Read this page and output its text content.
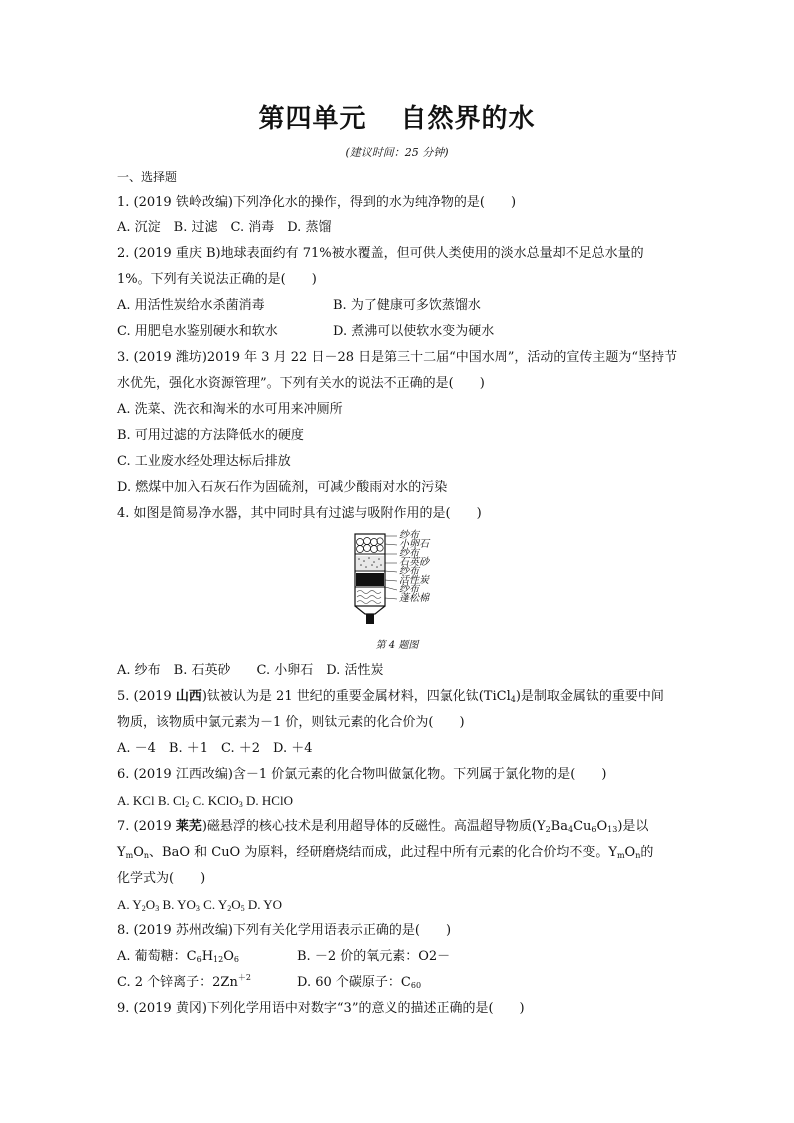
第四单元 自然界的水
(建议时间：25 分钟)
一、选择题
1. (2019 铁岭改编)下列净化水的操作，得到的水为纯净物的是(　　)
A. 沉淀　B. 过滤　C. 消毒　D. 蒸馏
2. (2019 重庆 B)地球表面约有 71%被水覆盖，但可供人类使用的淡水总量却不足总水量的
1%。下列有关说法正确的是(　　)
A. 用活性炭给水杀菌消毒	B. 为了健康可多饮蒸馏水
C. 用肥皂水鉴别硬水和软水	D. 煮沸可以使软水变为硬水
3. (2019 潍坊)2019 年 3 月 22 日－28 日是第三十二届“中国水周”，活动的宣传主题为“坚持节
水优先，强化水资源管理”。下列有关水的说法不正确的是(　　)
A. 洗菜、洗衣和淘米的水可用来冲厕所
B. 可用过滤的方法降低水的硬度
C. 工业废水经处理达标后排放
D. 燃煤中加入石灰石作为固硫剂，可减少酸雨对水的污染
4. 如图是简易净水器，其中同时具有过滤与吸附作用的是(　　)
纱布
小卵石
纱布
石英砂
纱布
活性炭
纱布
蓬松棉
第 4 题图
A. 纱布　B. 石英砂　　C. 小卵石　D. 活性炭
5. (2019 山西)钛被认为是 21 世纪的重要金属材料，四氯化钛(TiCl$_4$)是制取金属钛的重要中间
物质，该物质中氯元素为－1 价，则钛元素的化合价为(　　)
A. －4　B. ＋1　C. ＋2　D. ＋4
6. (2019 江西改编)含－1 价氯元素的化合物叫做氯化物。下列属于氯化物的是(　　)
A. KCl B. $Cl_2$ C. KClO$_3$ D. HClO
7. (2019 莱芜)磁悬浮的核心技术是利用超导体的反磁性。高温超导物质$(Y_2Ba_4Cu_6O_{13})$是以
$Y_mO_n$、BaO 和 CuO 为原料，经研磨烧结而成，此过程中所有元素的化合价均不变。$Y_mO_n$的
化学式为(　　)
A. $Y_2O_3$ B. $YO_3$ C. $Y_2O_5$ D. YO
8. (2019 苏州改编)下列有关化学用语表示正确的是(　　)
A. 葡萄糖：$C_6H_{12}O_6$	B. －2 价的氧元素：O2－
C. 2 个锌离子：$2Zn^{+2}$	D. 60 个碳原子：$C_{60}$
9. (2019 黄冈)下列化学用语中对数字“3”的意义的描述正确的是(　　)
